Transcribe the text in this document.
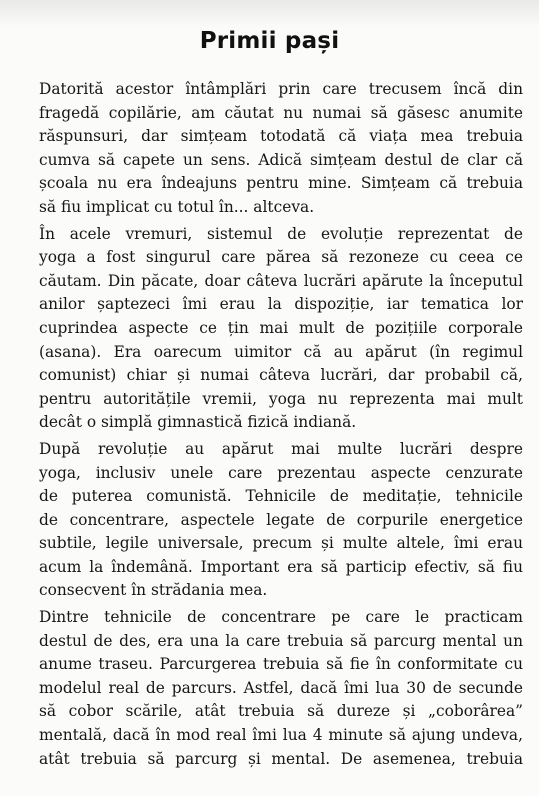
Primii pași

Datorită acestor întâmplări prin care trecusem încă din
fragedă copilărie, am căutat nu numai să găsesc anumite
răspunsuri, dar simțeam totodată că viața mea trebuia
cumva să capete un sens. Adică simțeam destul de clar că
școala nu era îndeajuns pentru mine. Simțeam că trebuia
să fiu implicat cu totul în... altceva.

În acele vremuri, sistemul de evoluție reprezentat de
yoga a fost singurul care părea să rezoneze cu ceea ce
căutam. Din păcate, doar câteva lucrări apărute la începutul
anilor șaptezeci îmi erau la dispoziție, iar tematica lor
cuprindea aspecte ce țin mai mult de pozițiile corporale
(asana). Era oarecum uimitor că au apărut (în regimul
comunist) chiar și numai câteva lucrări, dar probabil că,
pentru autoritățile vremii, yoga nu reprezenta mai mult
decât o simplă gimnastică fizică indiană.

După revoluție au apărut mai multe lucrări despre
yoga, inclusiv unele care prezentau aspecte cenzurate
de puterea comunistă. Tehnicile de meditație, tehnicile
de concentrare, aspectele legate de corpurile energetice
subtile, legile universale, precum și multe altele, îmi erau
acum la îndemână. Important era să particip efectiv, să fiu
consecvent în strădania mea.

Dintre tehnicile de concentrare pe care le practicam
destul de des, era una la care trebuia să parcurg mental un
anume traseu. Parcurgerea trebuia să fie în conformitate cu
modelul real de parcurs. Astfel, dacă îmi lua 30 de secunde
să cobor scările, atât trebuia să dureze și „coborârea”
mentală, dacă în mod real îmi lua 4 minute să ajung undeva,
atât trebuia să parcurg și mental. De asemenea, trebuia
